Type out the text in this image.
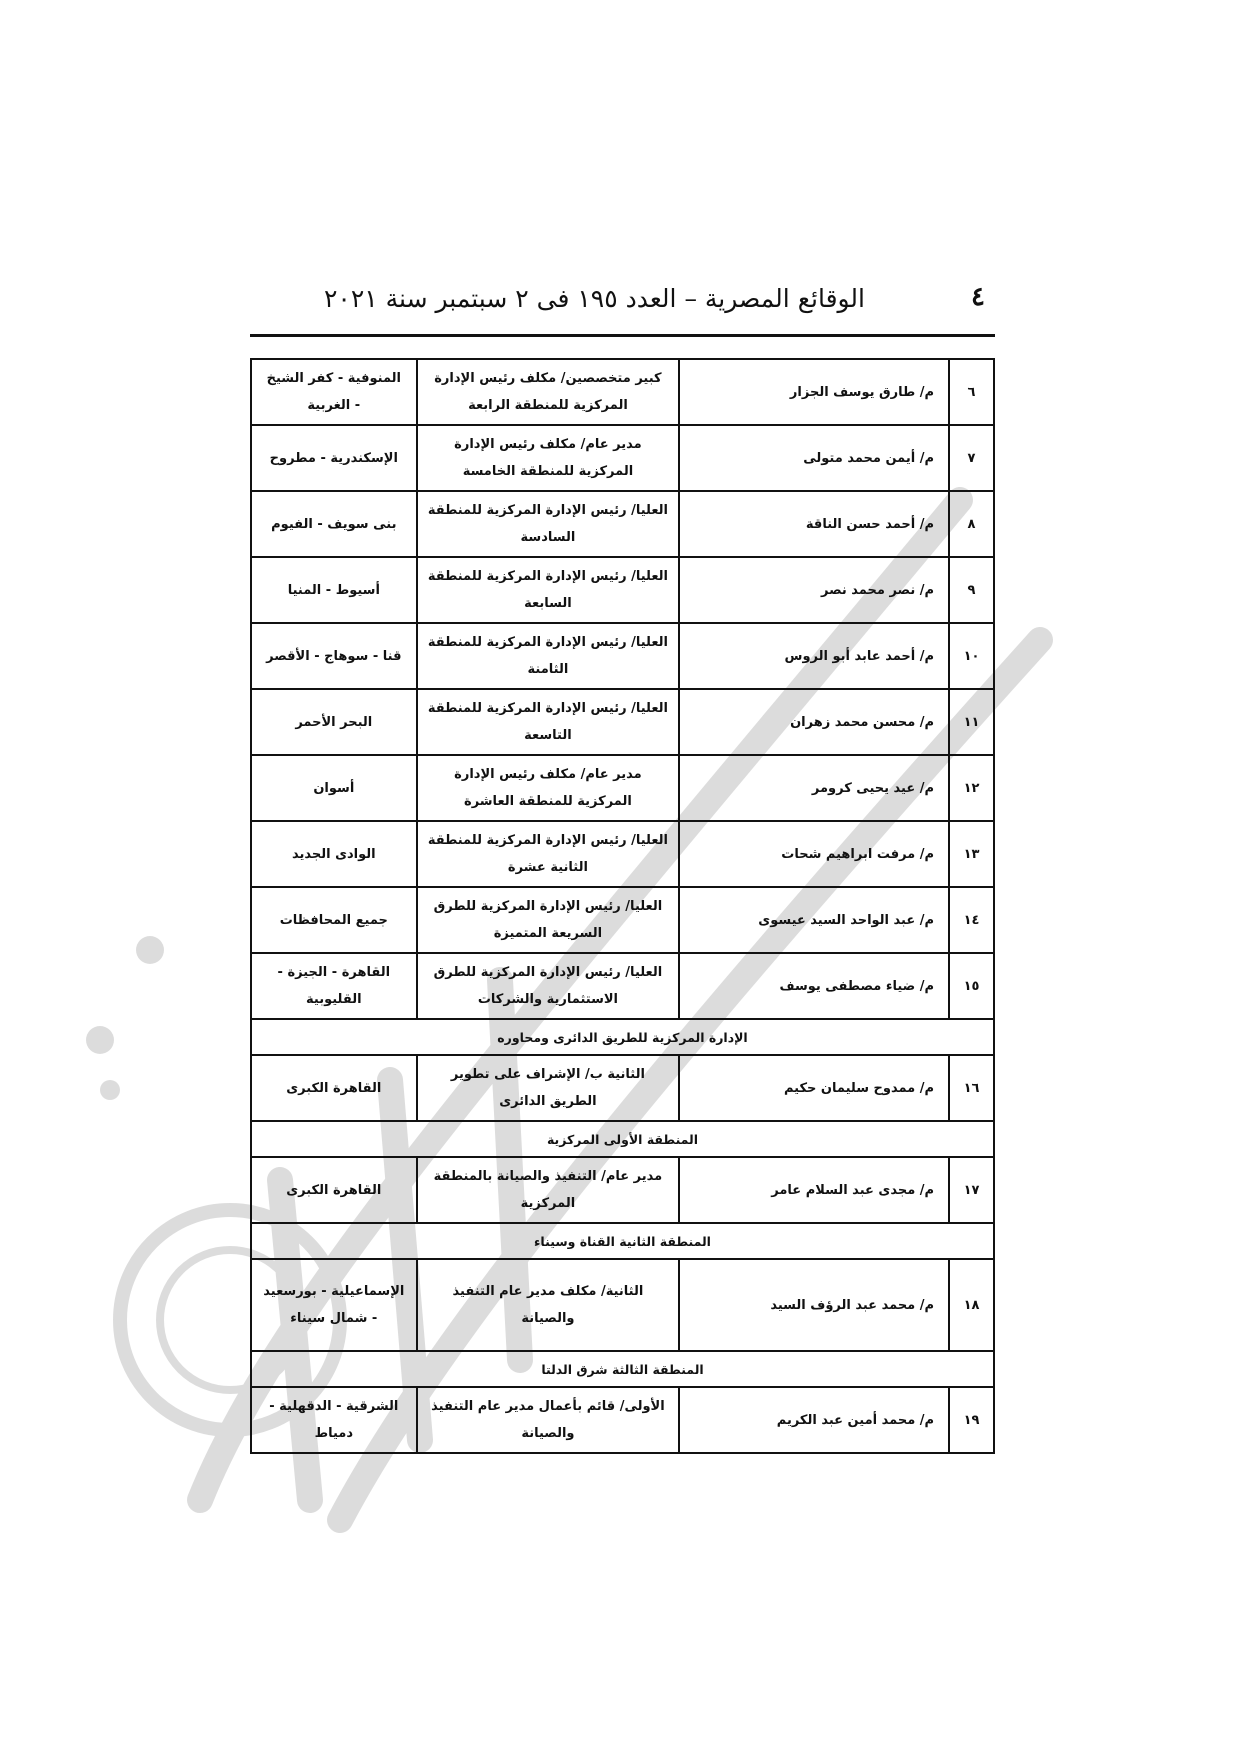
٤
الوقائع المصرية – العدد ١٩٥ فى ٢ سبتمبر سنة ٢٠٢١
٦	م/ طارق يوسف الجزار	كبير متخصصين/ مكلف رئيس الإدارة المركزية للمنطقة الرابعة	المنوفية - كفر الشيخ - الغربية
٧	م/ أيمن محمد متولى	مدير عام/ مكلف رئيس الإدارة المركزية للمنطقة الخامسة	الإسكندرية - مطروح
٨	م/ أحمد حسن الناقة	العليا/ رئيس الإدارة المركزية للمنطقة السادسة	بنى سويف - الفيوم
٩	م/ نصر محمد نصر	العليا/ رئيس الإدارة المركزية للمنطقة السابعة	أسيوط - المنيا
١٠	م/ أحمد عابد أبو الروس	العليا/ رئيس الإدارة المركزية للمنطقة الثامنة	قنا - سوهاج - الأقصر
١١	م/ محسن محمد زهران	العليا/ رئيس الإدارة المركزية للمنطقة التاسعة	البحر الأحمر
١٢	م/ عيد يحيى كرومر	مدير عام/ مكلف رئيس الإدارة المركزية للمنطقة العاشرة	أسوان
١٣	م/ مرفت ابراهيم شحات	العليا/ رئيس الإدارة المركزية للمنطقة الثانية عشرة	الوادى الجديد
١٤	م/ عبد الواحد السيد عيسوى	العليا/ رئيس الإدارة المركزية للطرق السريعة المتميزة	جميع المحافظات
١٥	م/ ضياء مصطفى يوسف	العليا/ رئيس الإدارة المركزية للطرق الاستثمارية والشركات	القاهرة - الجيزة - القليوبية
الإدارة المركزية للطريق الدائرى ومحاوره			
١٦	م/ ممدوح سليمان حكيم	الثانية ب/ الإشراف على تطوير الطريق الدائرى	القاهرة الكبرى
المنطقة الأولى المركزية			
١٧	م/ مجدى عبد السلام عامر	مدير عام/ التنفيذ والصيانة بالمنطقة المركزية	القاهرة الكبرى
المنطقة الثانية القناة وسيناء			
١٨	م/ محمد عبد الرؤف السيد	الثانية/ مكلف مدير عام التنفيذ والصيانة	الإسماعيلية - بورسعيد - شمال سيناء
المنطقة الثالثة شرق الدلتا			
١٩	م/ محمد أمين عبد الكريم	الأولى/ قائم بأعمال مدير عام التنفيذ والصيانة	الشرقية - الدقهلية - دمياط
